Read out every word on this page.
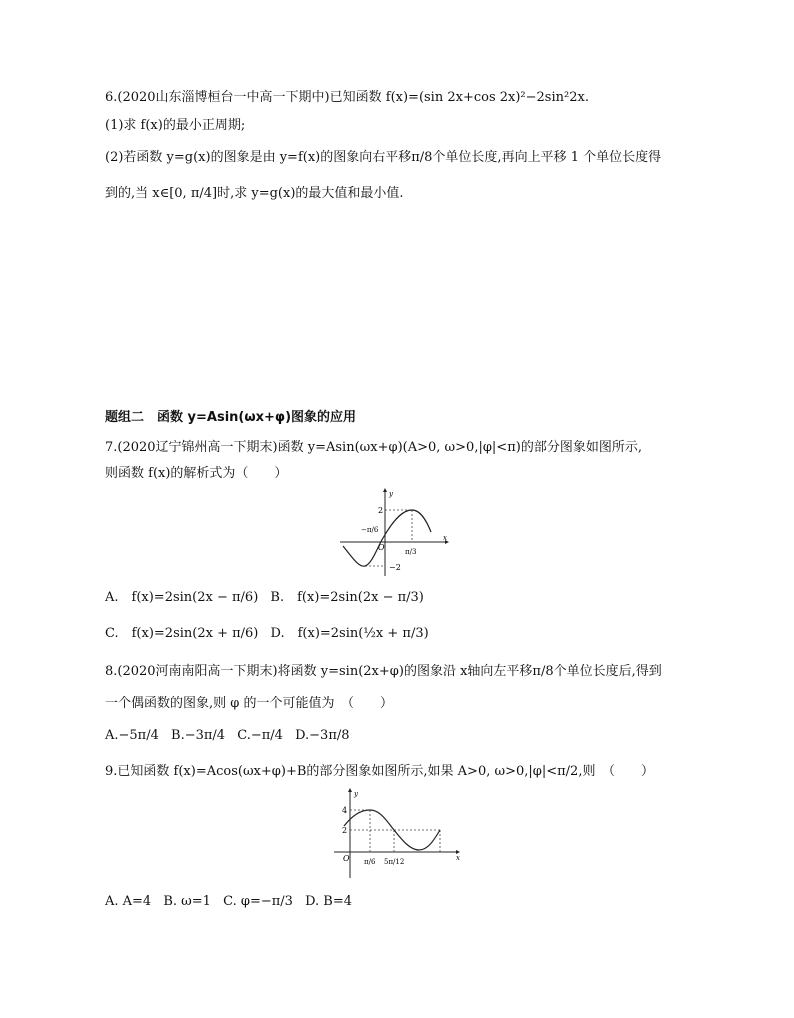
6.(2020山东淄博桓台一中高一下期中)已知函数 f(x)=(sin 2x+cos 2x)²−2sin²2x.
(1)求 f(x)的最小正周期;
(2)若函数 y=g(x)的图象是由 y=f(x)的图象向右平移π/8个单位长度,再向上平移 1 个单位长度得
到的,当 x∈[0, π/4]时,求 y=g(x)的最大值和最小值.
题组二　函数 y=Asin(ωx+φ)图象的应用
7.(2020辽宁锦州高一下期末)函数 y=Asin(ωx+φ)(A>0, ω>0,|φ|<π)的部分图象如图所示,
则函数 f(x)的解析式为（　　）
y
x
O
2
−2
−π/6
π/3
A.　f(x)=2sin(2x − π/6) B.　f(x)=2sin(2x − π/3)
C.　f(x)=2sin(2x + π/6) D.　f(x)=2sin(½x + π/3)
8.(2020河南南阳高一下期末)将函数 y=sin(2x+φ)的图象沿 x轴向左平移π/8个单位长度后,得到
一个偶函数的图象,则 φ 的一个可能值为　（　　）
A.−5π/4 B.−3π/4 C.−π/4 D.−3π/8
9.已知函数 f(x)=Acos(ωx+φ)+B的部分图象如图所示,如果 A>0, ω>0,|φ|<π/2,则　（　　）
y
x
O
4
2
π/6 5π/12
A. A=4 B. ω=1 C. φ=−π/3 D. B=4
